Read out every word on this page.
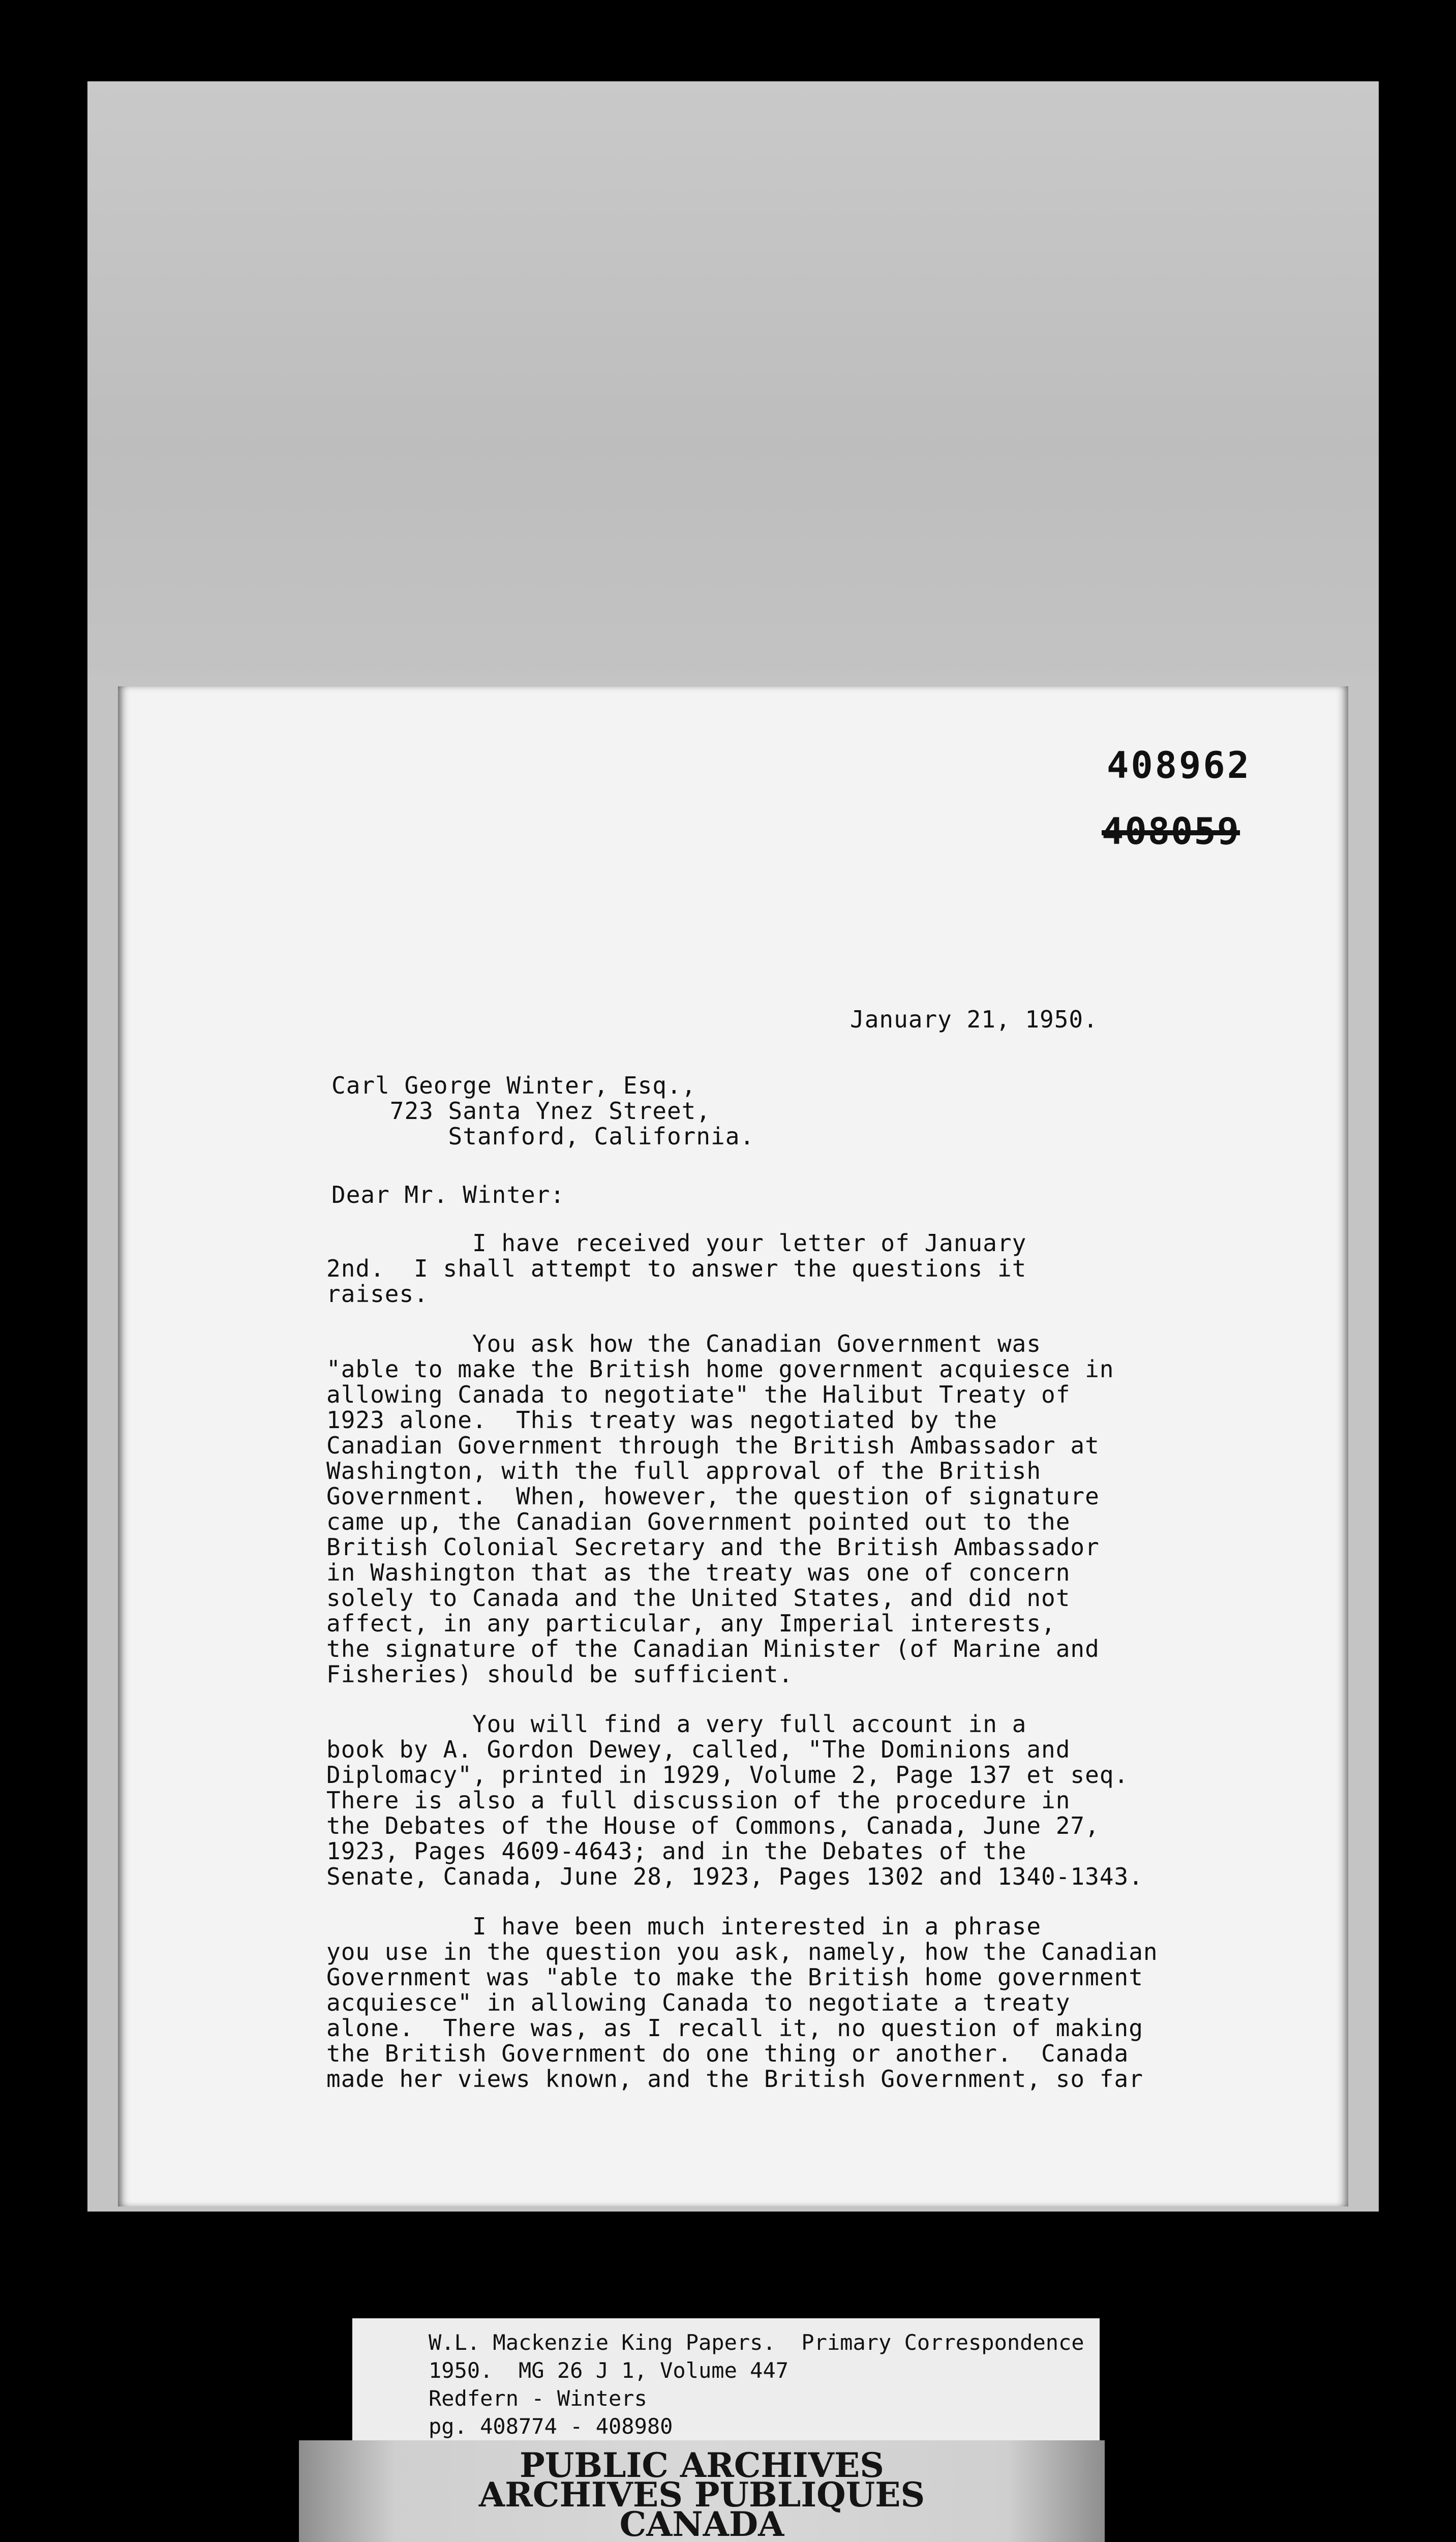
408962
408059
January 21, 1950.
Carl George Winter, Esq.,
723 Santa Ynez Street,
Stanford, California.
Dear Mr. Winter:

I have received your letter of January

2nd.  I shall attempt to answer the questions it

raises.

You ask how the Canadian Government was

"able to make the British home government acquiesce in

allowing Canada to negotiate" the Halibut Treaty of

1923 alone.  This treaty was negotiated by the

Canadian Government through the British Ambassador at

Washington, with the full approval of the British

Government.  When, however, the question of signature

came up, the Canadian Government pointed out to the

British Colonial Secretary and the British Ambassador

in Washington that as the treaty was one of concern

solely to Canada and the United States, and did not

affect, in any particular, any Imperial interests,

the signature of the Canadian Minister (of Marine and

Fisheries) should be sufficient.

You will find a very full account in a

book by A. Gordon Dewey, called, "The Dominions and

Diplomacy", printed in 1929, Volume 2, Page 137 et seq.

There is also a full discussion of the procedure in

the Debates of the House of Commons, Canada, June 27,

1923, Pages 4609-4643; and in the Debates of the

Senate, Canada, June 28, 1923, Pages 1302 and 1340-1343.

I have been much interested in a phrase

you use in the question you ask, namely, how the Canadian

Government was "able to make the British home government

acquiesce" in allowing Canada to negotiate a treaty

alone.  There was, as I recall it, no question of making

the British Government do one thing or another.  Canada

made her views known, and the British Government, so far

W.L. Mackenzie King Papers.  Primary Correspondence
1950.  MG 26 J 1, Volume 447
Redfern - Winters
pg. 408774 - 408980
PUBLIC ARCHIVES
ARCHIVES PUBLIQUES
CANADA
